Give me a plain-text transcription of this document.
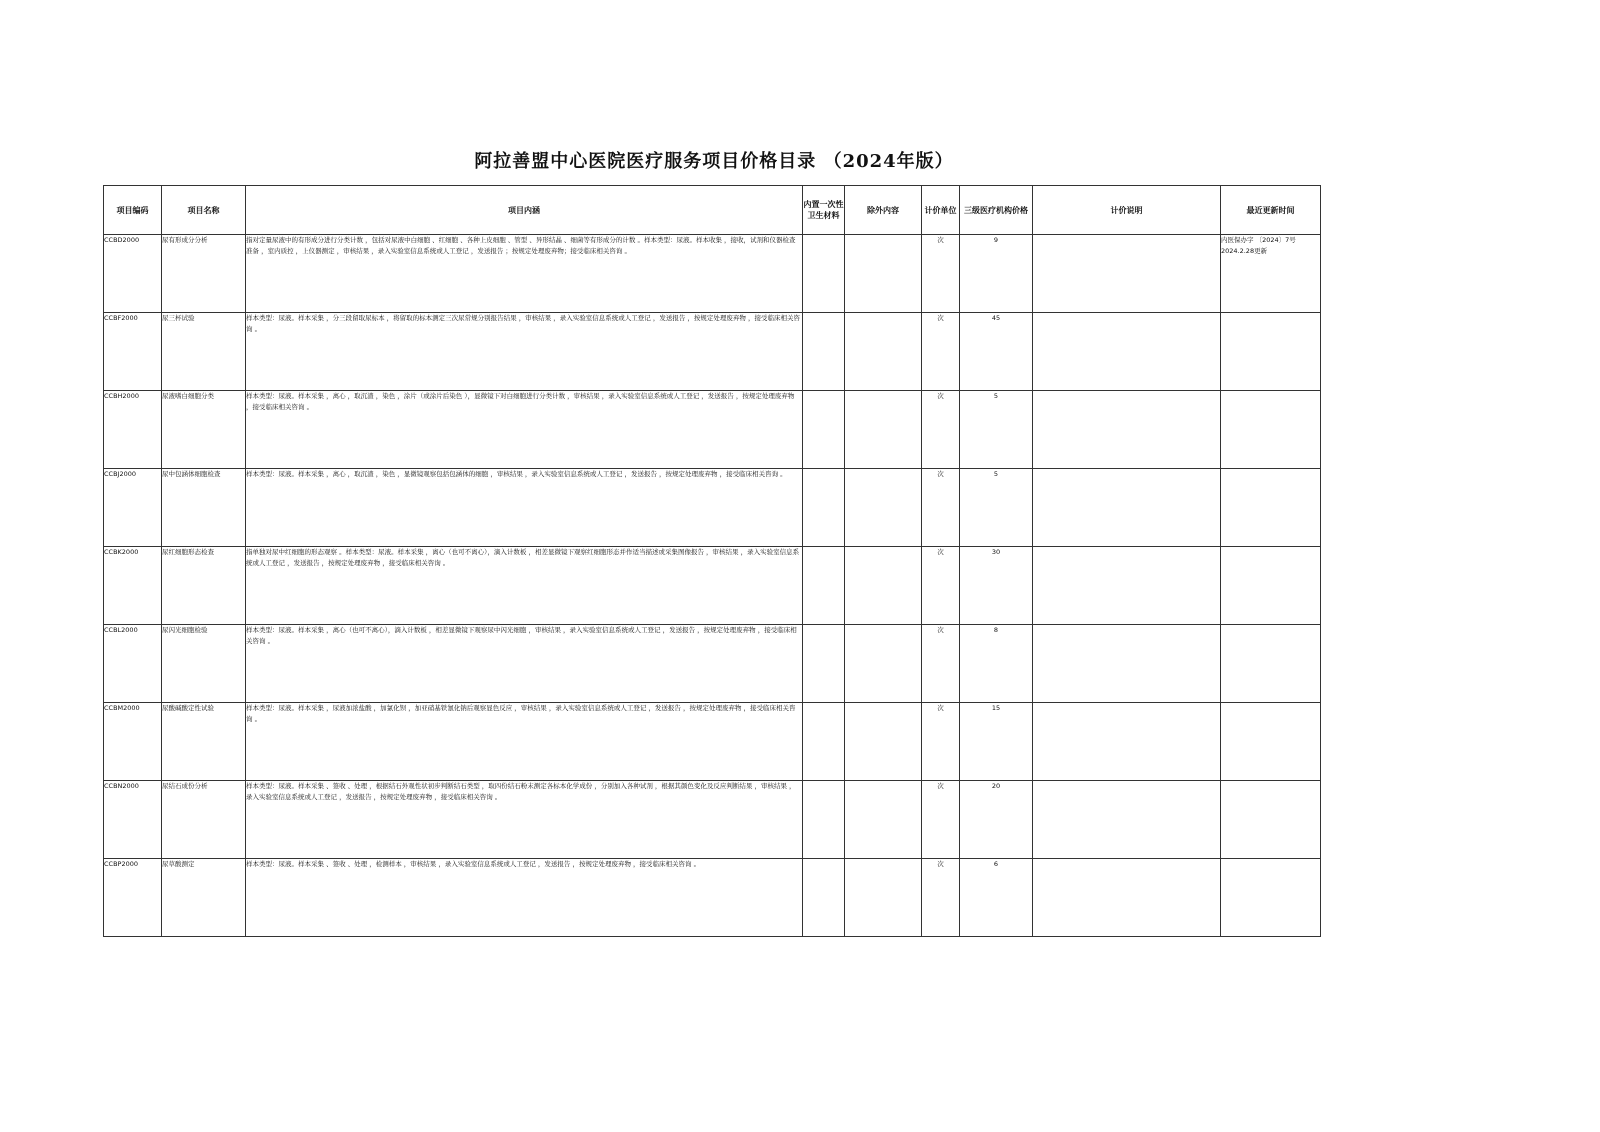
阿拉善盟中心医院医疗服务项目价格目录 （2024年版）
项目编码	项目名称	项目内涵	内置一次性卫生材料	除外内容	计价单位	三级医疗机构价格	计价说明	最近更新时间
CCBD2000	尿有形成分分析	指对定量尿液中的有形成分进行分类计数 ，包括对尿液中白细胞 、红细胞 、各种上皮细胞 、管型 、异形结晶 、细菌等有形成分的计数 。样本类型：尿液。样本收集 ，接收，试剂和仪器检查准备 ，室内质控 ，上仪器测定 ，审核结果 ，录入实验室信息系统或人工登记 ，发送报告 ；按规定处理废弃物；接受临床相关咨询 。			次	9		内医保办字 〔2024〕7号 2024.2.28更新
CCBF2000	尿三杯试验	样本类型：尿液。样本采集 ，分三段留取尿标本 ，将留取的标本测定三次尿常规分别报告结果 ，审核结果 ，录入实验室信息系统或人工登记 ，发送报告 ，按规定处理废弃物 ，接受临床相关咨询 。			次	45		
CCBH2000	尿液嗜白细胞分类	样本类型：尿液。样本采集 ，离心 ，取沉渣 ，染色 ，涂片（或涂片后染色 ），显微镜下对白细胞进行分类计数 ，审核结果 ，录入实验室信息系统或人工登记 ，发送报告 ，按规定处理废弃物 ，接受临床相关咨询 。			次	5		
CCBJ2000	尿中包涵体细胞检查	样本类型：尿液。样本采集 ，离心 ，取沉渣 ，染色 ，显微镜观察包括包涵体的细胞 ，审核结果 ，录入实验室信息系统或人工登记 ，发送报告 ，按规定处理废弃物 ，接受临床相关咨询 。			次	5		
CCBK2000	尿红细胞形态检查	指单独对尿中红细胞的形态观察 。样本类型：尿液。样本采集 ，离心（也可不离心），滴入计数板 ，相差显微镜下观察红细胞形态并作适当描述或采集图像报告 ，审核结果 ，录入实验室信息系统或人工登记 ，发送报告 ，按规定处理废弃物 ，接受临床相关咨询 。			次	30		
CCBL2000	尿闪光细胞检验	样本类型：尿液。样本采集 ，离心（也可不离心），滴入计数板 ，相差显微镜下观察尿中闪光细胞 ，审核结果 ，录入实验室信息系统或人工登记 ，发送报告 ，按规定处理废弃物 ，接受临床相关咨询 。			次	8		
CCBM2000	尿酸碱酸定性试验	样本类型：尿液。样本采集 ，尿液加浓盐酸 ，加氯化钡 ，加亚硝基铁氰化钠后观察显色反应 ，审核结果 ，录入实验室信息系统或人工登记 ，发送报告 ，按规定处理废弃物 ，接受临床相关咨询 。			次	15		
CCBN2000	尿结石成份分析	样本类型：尿液。样本采集 、签收 、处理 ，根据结石外观性状初步判断结石类型 ，取四份结石粉末测定各标本化学成份 ，分别加入各种试剂 ，根据其颜色变化及反应判断结果 ，审核结果 ，录入实验室信息系统或人工登记 ，发送报告 ，按规定处理废弃物 ，接受临床相关咨询 。			次	20		
CCBP2000	尿草酸测定	样本类型：尿液。样本采集 、签收 、处理 ，检测样本 ，审核结果 ，录入实验室信息系统或人工登记 ，发送报告 ，按规定处理废弃物 ，接受临床相关咨询 。			次	6		
